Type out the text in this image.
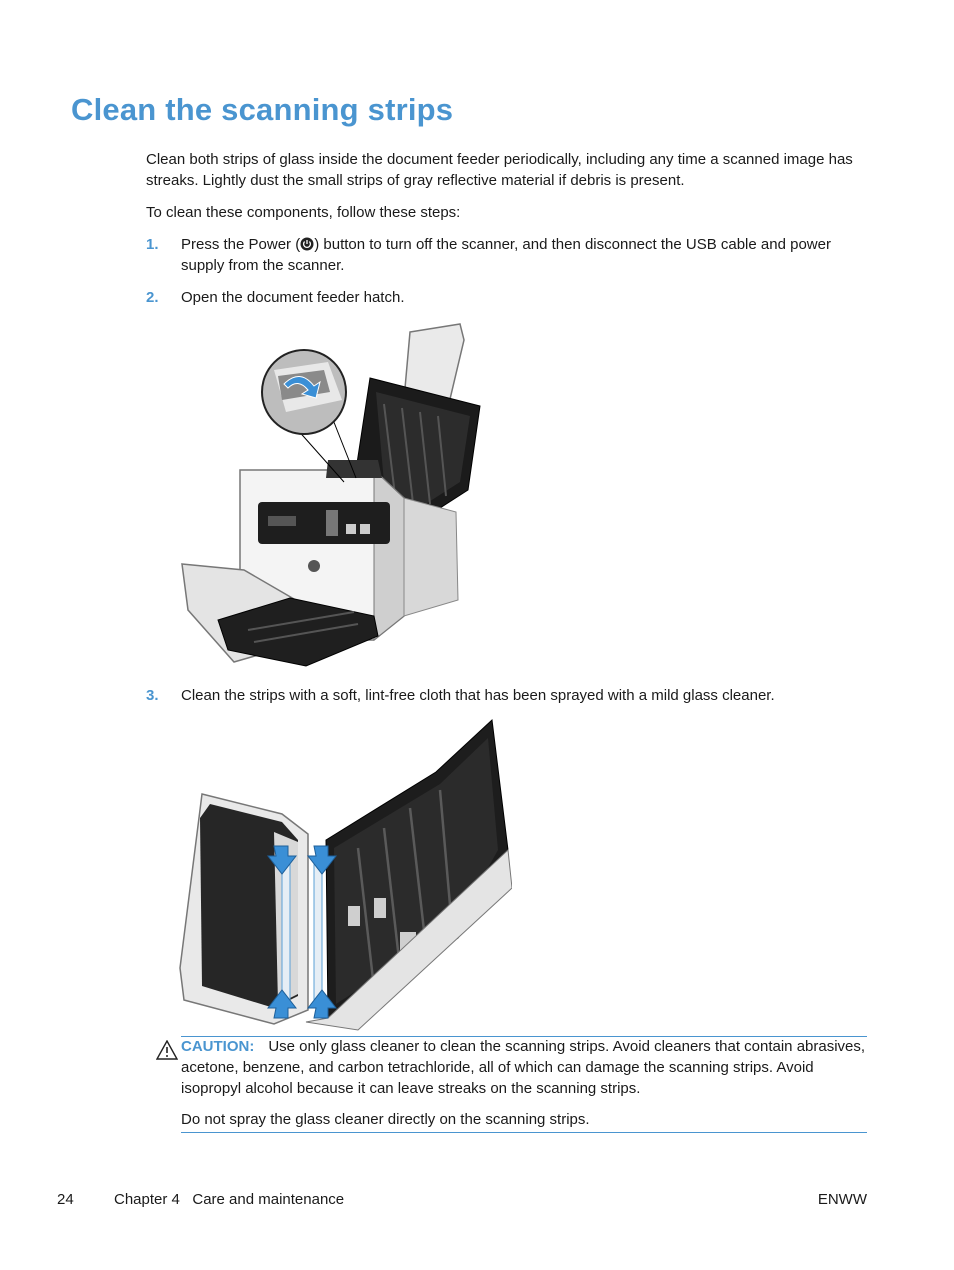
Clean the scanning strips

Clean both strips of glass inside the document feeder periodically, including any time a scanned image has streaks. Lightly dust the small strips of gray reflective material if debris is present.

To clean these components, follow these steps:

1. Press the Power ( ) button to turn off the scanner, and then disconnect the USB cable and power supply from the scanner.
2. Open the document feeder hatch.
3. Clean the strips with a soft, lint-free cloth that has been sprayed with a mild glass cleaner.

CAUTION: Use only glass cleaner to clean the scanning strips. Avoid cleaners that contain abrasives, acetone, benzene, and carbon tetrachloride, all of which can damage the scanning strips. Avoid isopropyl alcohol because it can leave streaks on the scanning strips.

Do not spray the glass cleaner directly on the scanning strips.

24	Chapter 4   Care and maintenance	ENWW
